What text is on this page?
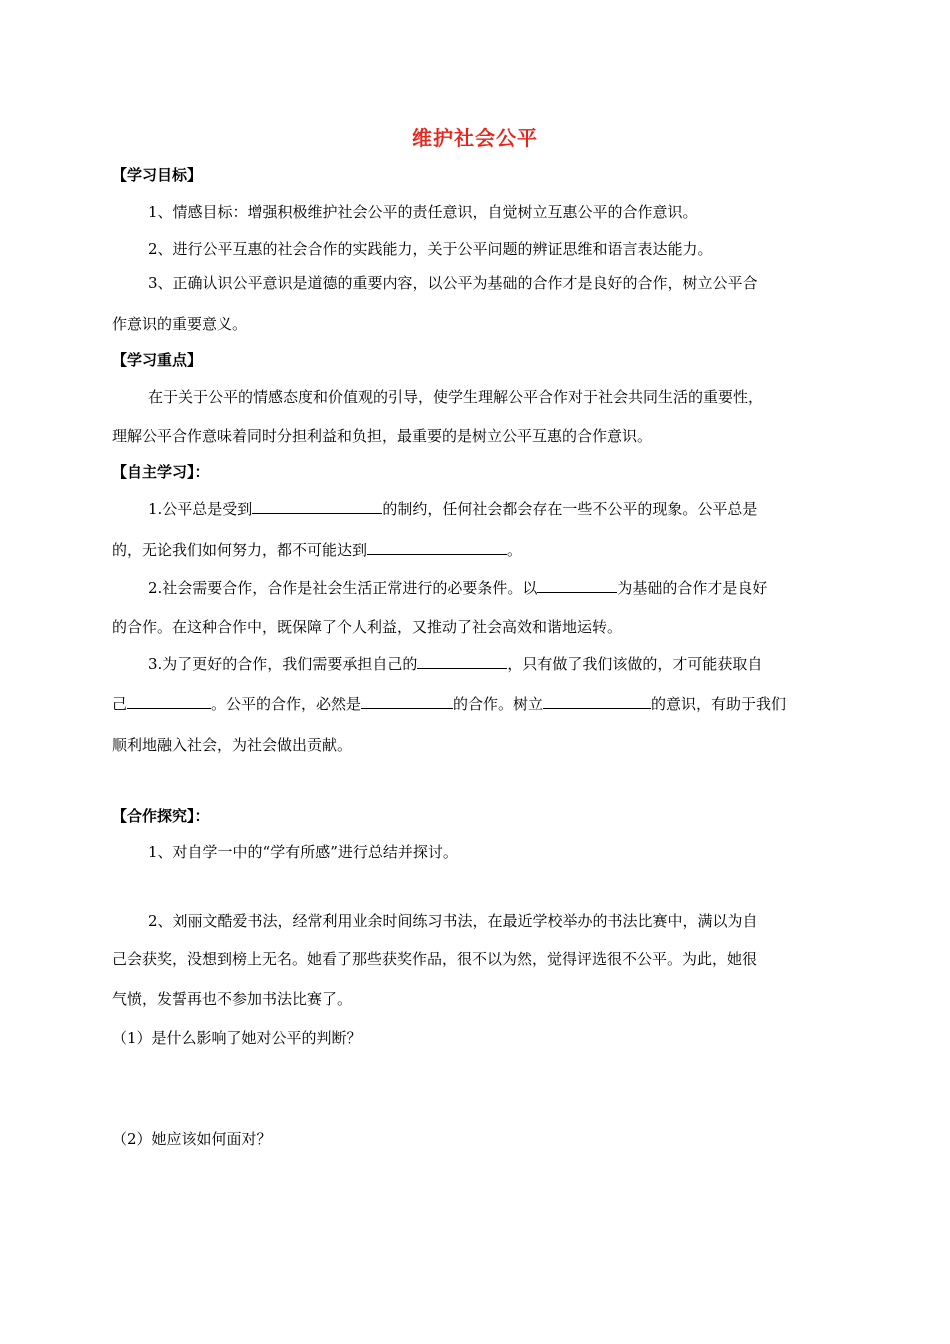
维护社会公平
【学习目标】
1、情感目标：增强积极维护社会公平的责任意识，自觉树立互惠公平的合作意识。
2、进行公平互惠的社会合作的实践能力，关于公平问题的辨证思维和语言表达能力。
3、正确认识公平意识是道德的重要内容，以公平为基础的合作才是良好的合作，树立公平合
作意识的重要意义。
【学习重点】
在于关于公平的情感态度和价值观的引导，使学生理解公平合作对于社会共同生活的重要性，
理解公平合作意味着同时分担利益和负担，最重要的是树立公平互惠的合作意识。
【自主学习】：
1.公平总是受到	的制约，任何社会都会存在一些不公平的现象。公平总是
的，无论我们如何努力，都不可能达到	。
2.社会需要合作，合作是社会生活正常进行的必要条件。以	为基础的合作才是良好
的合作。在这种合作中，既保障了个人利益，又推动了社会高效和谐地运转。
3.为了更好的合作，我们需要承担自己的	，只有做了我们该做的，才可能获取自
己	。公平的合作，必然是	的合作。树立	的意识，有助于我们
顺利地融入社会，为社会做出贡献。
【合作探究】：
1、对自学一中的“学有所感”进行总结并探讨。
2、刘丽文酷爱书法，经常利用业余时间练习书法，在最近学校举办的书法比赛中，满以为自
己会获奖，没想到榜上无名。她看了那些获奖作品，很不以为然，觉得评选很不公平。为此，她很
气愤，发誓再也不参加书法比赛了。
（1）是什么影响了她对公平的判断？
（2）她应该如何面对？
